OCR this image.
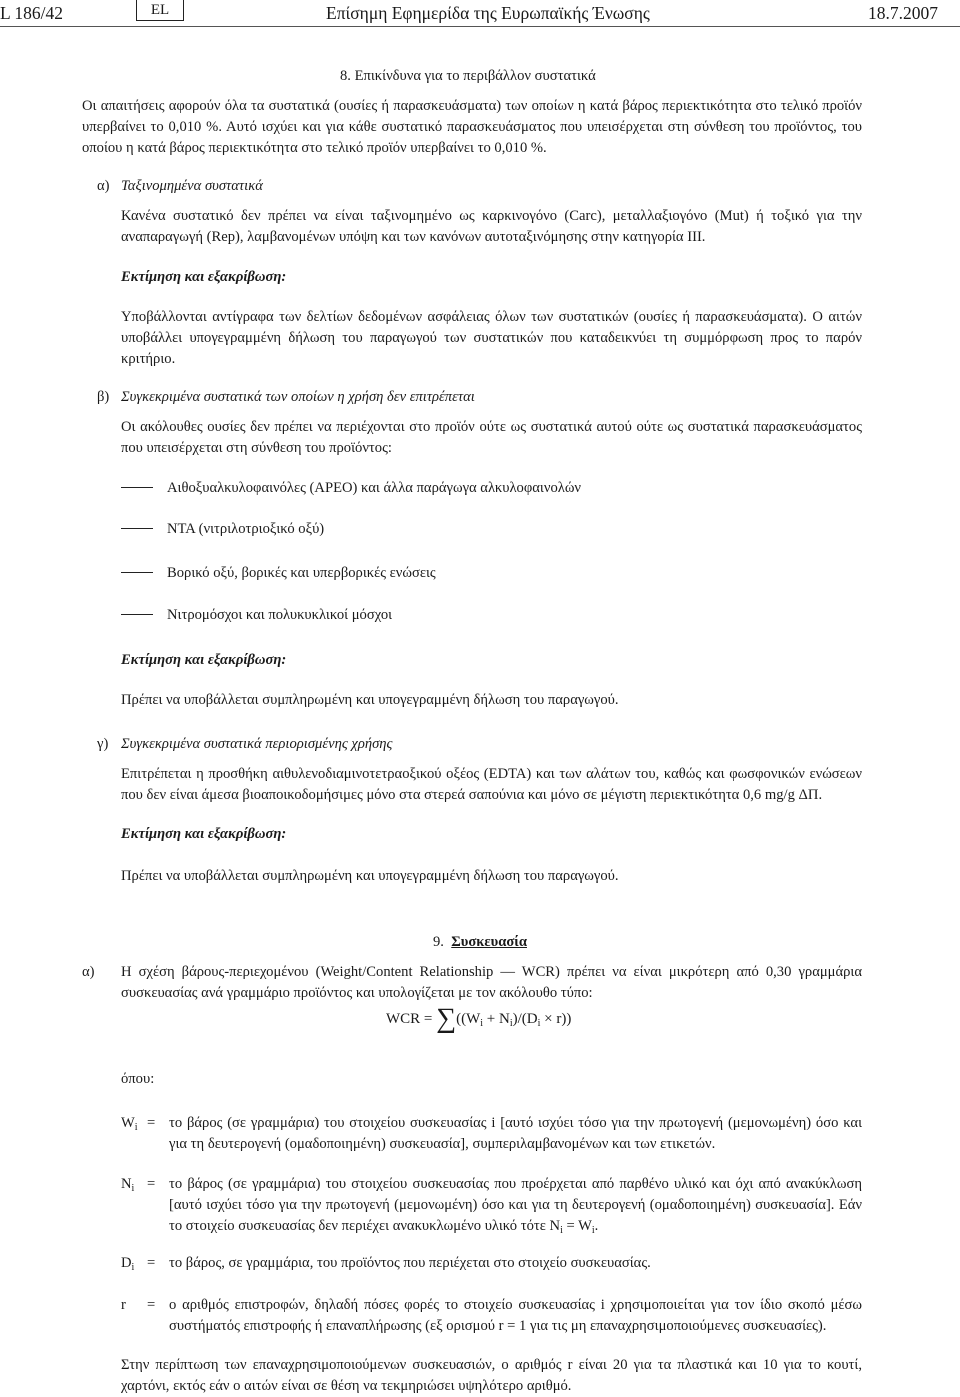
L 186/42	EL	Επίσημη Εφημερίδα της Ευρωπαϊκής Ένωσης	18.7.2007
8. Επικίνδυνα για το περιβάλλον συστατικά

Οι απαιτήσεις αφορούν όλα τα συστατικά (ουσίες ή παρασκευάσματα) των οποίων η κατά βάρος περιεκτικότητα στο τελικό προϊόν υπερβαίνει το 0,010 %. Αυτό ισχύει και για κάθε συστατικό παρασκευάσματος που υπεισέρχεται στη σύνθεση του προϊόντος, του οποίου η κατά βάρος περιεκτικότητα στο τελικό προϊόν υπερβαίνει το 0,010 %.

α) Ταξινομημένα συστατικά

Κανένα συστατικό δεν πρέπει να είναι ταξινομημένο ως καρκινογόνο (Carc), μεταλλαξιογόνο (Mut) ή τοξικό για την αναπαραγωγή (Rep), λαμβανομένων υπόψη και των κανόνων αυτοταξινόμησης στην κατηγορία III.

Εκτίμηση και εξακρίβωση:

Υποβάλλονται αντίγραφα των δελτίων δεδομένων ασφάλειας όλων των συστατικών (ουσίες ή παρασκευάσματα). Ο αιτών υποβάλλει υπογεγραμμένη δήλωση του παραγωγού των συστατικών που καταδεικνύει τη συμμόρφωση προς το παρόν κριτήριο.

β) Συγκεκριμένα συστατικά των οποίων η χρήση δεν επιτρέπεται

Οι ακόλουθες ουσίες δεν πρέπει να περιέχονται στο προϊόν ούτε ως συστατικά αυτού ούτε ως συστατικά παρασκευάσματος που υπεισέρχεται στη σύνθεση του προϊόντος:

Αιθοξυαλκυλοφαινόλες (APEO) και άλλα παράγωγα αλκυλοφαινολών
NTA (νιτριλοτριοξικό οξύ)
Βορικό οξύ, βορικές και υπερβορικές ενώσεις
Νιτρομόσχοι και πολυκυκλικοί μόσχοι
Εκτίμηση και εξακρίβωση:

Πρέπει να υποβάλλεται συμπληρωμένη και υπογεγραμμένη δήλωση του παραγωγού.

γ) Συγκεκριμένα συστατικά περιορισμένης χρήσης

Επιτρέπεται η προσθήκη αιθυλενοδιαμινοτετραοξικού οξέος (EDTA) και των αλάτων του, καθώς και φωσφονικών ενώσεων που δεν είναι άμεσα βιοαποικοδομήσιμες μόνο στα στερεά σαπούνια και μόνο σε μέγιστη περιεκτικότητα 0,6 mg/g ΔΠ.

Εκτίμηση και εξακρίβωση:

Πρέπει να υποβάλλεται συμπληρωμένη και υπογεγραμμένη δήλωση του παραγωγού.

9. Συσκευασία
α) Η σχέση βάρους-περιεχομένου (Weight/Content Relationship — WCR) πρέπει να είναι μικρότερη από 0,30 γραμμάρια συσκευασίας ανά γραμμάριο προϊόντος και υπολογίζεται με τον ακόλουθο τύπο:

WCR = $\sum((W_i + N_i)/(D_i \times r))$
όπου:
$W_i = \tau o$ βάρος (σε γραμμάρια) του στοιχείου συσκευασίας i [αυτό ισχύει τόσο για την πρωτογενή (μεμονωμένη) όσο και για τη δευτερογενή (ομαδοποιημένη) συσκευασία], συμπεριλαμβανομένων και των ετικετών.

$N_i = \tau o$ βάρος (σε γραμμάρια) του στοιχείου συσκευασίας που προέρχεται από παρθένο υλικό και όχι από ανακύκλωση [αυτό ισχύει τόσο για την πρωτογενή (μεμονωμένη) όσο και για τη δευτερογενή (ομαδοποιημένη) συσκευασία]. Εάν το στοιχείο συσκευασίας δεν περιέχει ανακυκλωμένο υλικό τότε $N_i = W_i$.

$D_i = \tau o$ βάρος, σε γραμμάρια, του προϊόντος που περιέχεται στο στοιχείο συσκευασίας.

r = ο αριθμός επιστροφών, δηλαδή πόσες φορές το στοιχείο συσκευασίας i χρησιμοποιείται για τον ίδιο σκοπό μέσω συστήματός επιστροφής ή επαναπλήρωσης (εξ ορισμού r = 1 για τις μη επαναχρησιμοποιούμενες συσκευασίες).

Στην περίπτωση των επαναχρησιμοποιούμενων συσκευασιών, ο αριθμός r είναι 20 για τα πλαστικά και 10 για το κουτί, χαρτόνι, εκτός εάν ο αιτών είναι σε θέση να τεκμηριώσει υψηλότερο αριθμό.
